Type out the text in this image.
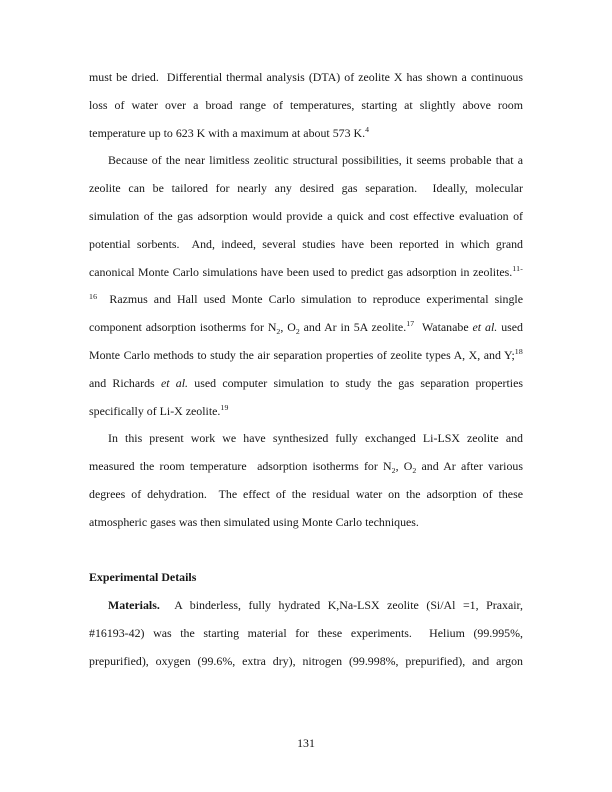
must be dried.  Differential thermal analysis (DTA) of zeolite X has shown a continuous
loss of water over a broad range of temperatures, starting at slightly above room
temperature up to 623 K with a maximum at about 573 K.$^4$
Because of the near limitless zeolitic structural possibilities, it seems probable that a
zeolite can be tailored for nearly any desired gas separation.  Ideally, molecular
simulation of the gas adsorption would provide a quick and cost effective evaluation of
potential sorbents.  And, indeed, several studies have been reported in which grand
canonical Monte Carlo simulations have been used to predict gas adsorption in zeolites.$^{11-}$
$^{16}$  Razmus and Hall used Monte Carlo simulation to reproduce experimental single
component adsorption isotherms for $N_2$, $O_2$ and Ar in 5A zeolite.$^{17}$  Watanabe et al. used
Monte Carlo methods to study the air separation properties of zeolite types A, X, and Y;$^{18}$
and Richards et al. used computer simulation to study the gas separation properties
specifically of Li-X zeolite.$^{19}$
In this present work we have synthesized fully exchanged Li-LSX zeolite and
measured the room temperature  adsorption isotherms for $N_2$, $O_2$ and Ar after various
degrees of dehydration.  The effect of the residual water on the adsorption of these
atmospheric gases was then simulated using Monte Carlo techniques.
Experimental Details
Materials.  A binderless, fully hydrated K,Na-LSX zeolite (Si/Al =1, Praxair,
#16193-42) was the starting material for these experiments.  Helium (99.995%,
prepurified), oxygen (99.6%, extra dry), nitrogen (99.998%, prepurified), and argon
131
